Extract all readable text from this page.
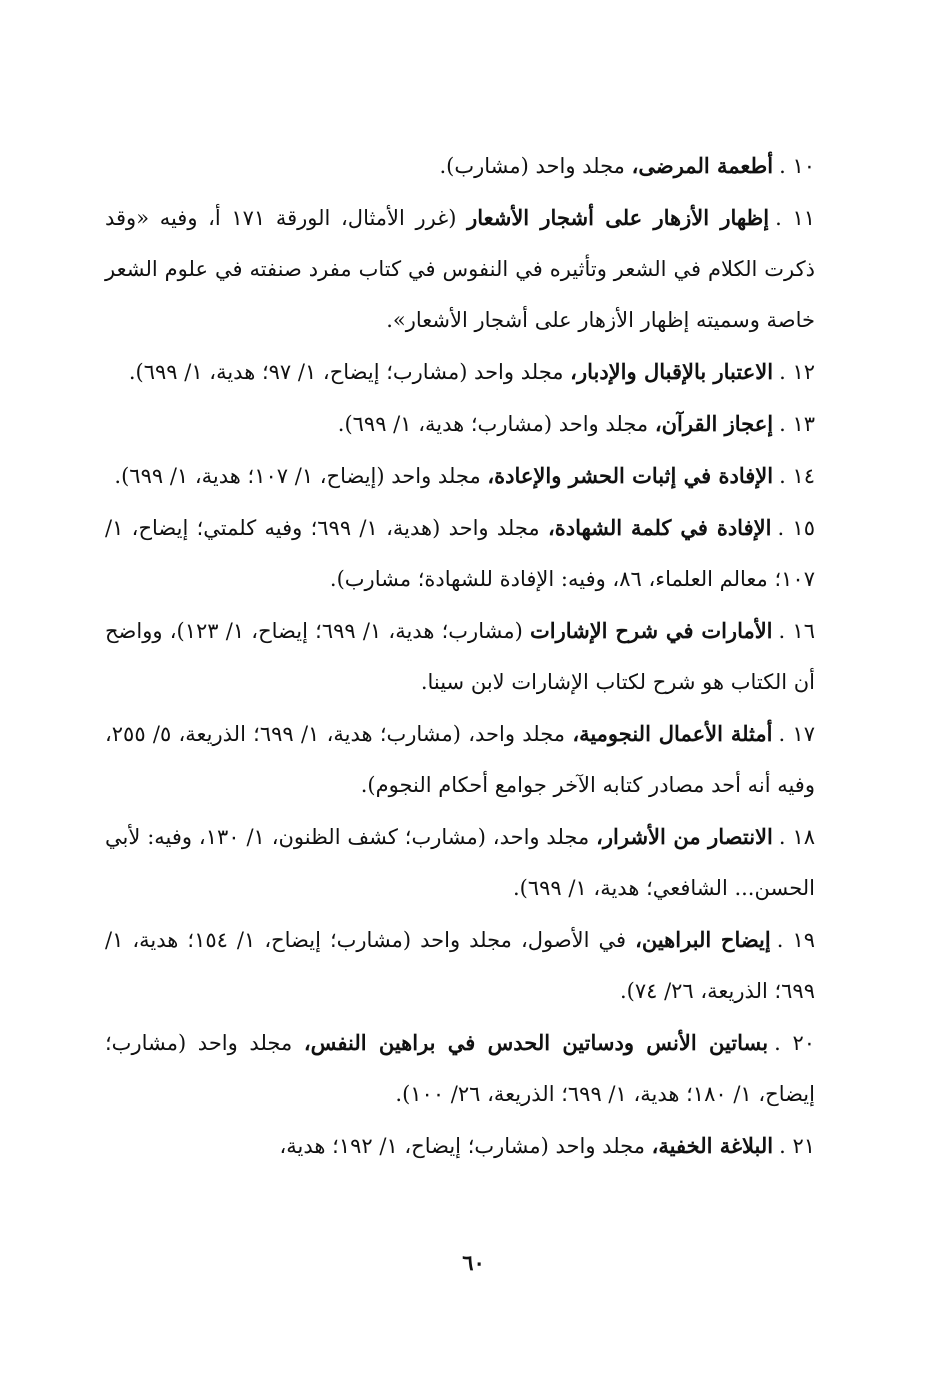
١٠ .أطعمة المرضى، مجلد واحد (مشارب).

١١ .إظهار الأزهار على أشجار الأشعار (غرر الأمثال، الورقة ١٧١ أ، وفيه «وقد ذكرت الكلام في الشعر وتأثيره في النفوس في كتاب مفرد صنفته في علوم الشعر خاصة وسميته إظهار الأزهار على أشجار الأشعار».

١٢ .الاعتبار بالإقبال والإدبار، مجلد واحد (مشارب؛ إيضاح، ١/ ٩٧؛ هدية، ١/ ٦٩٩).

١٣ .إعجاز القرآن، مجلد واحد (مشارب؛ هدية، ١/ ٦٩٩).

١٤ .الإفادة في إثبات الحشر والإعادة، مجلد واحد (إيضاح، ١/ ١٠٧؛ هدية، ١/ ٦٩٩).

١٥ .الإفادة في كلمة الشهادة، مجلد واحد (هدية، ١/ ٦٩٩؛ وفيه كلمتي؛ إيضاح، ١/ ١٠٧؛ معالم العلماء، ٨٦، وفيه: الإفادة للشهادة؛ مشارب).

١٦ .الأمارات في شرح الإشارات (مشارب؛ هدية، ١/ ٦٩٩؛ إيضاح، ١/ ١٢٣)، وواضح أن الكتاب هو شرح لكتاب الإشارات لابن سينا.

١٧ .أمثلة الأعمال النجومية، مجلد واحد، (مشارب؛ هدية، ١/ ٦٩٩؛ الذريعة، ٥/ ٢٥٥، وفيه أنه أحد مصادر كتابه الآخر جوامع أحكام النجوم).

١٨ .الانتصار من الأشرار، مجلد واحد، (مشارب؛ كشف الظنون، ١/ ١٣٠، وفيه: لأبي الحسن... الشافعي؛ هدية، ١/ ٦٩٩).

١٩ .إيضاح البراهين، في الأصول، مجلد واحد (مشارب؛ إيضاح، ١/ ١٥٤؛ هدية، ١/ ٦٩٩؛ الذريعة، ٢٦/ ٧٤).

٢٠ .بساتين الأنس ودساتين الحدس في براهين النفس، مجلد واحد (مشارب؛ إيضاح، ١/ ١٨٠؛ هدية، ١/ ٦٩٩؛ الذريعة، ٢٦/ ١٠٠).

٢١ .البلاغة الخفية، مجلد واحد (مشارب؛ إيضاح، ١/ ١٩٢؛ هدية،

٦٠
